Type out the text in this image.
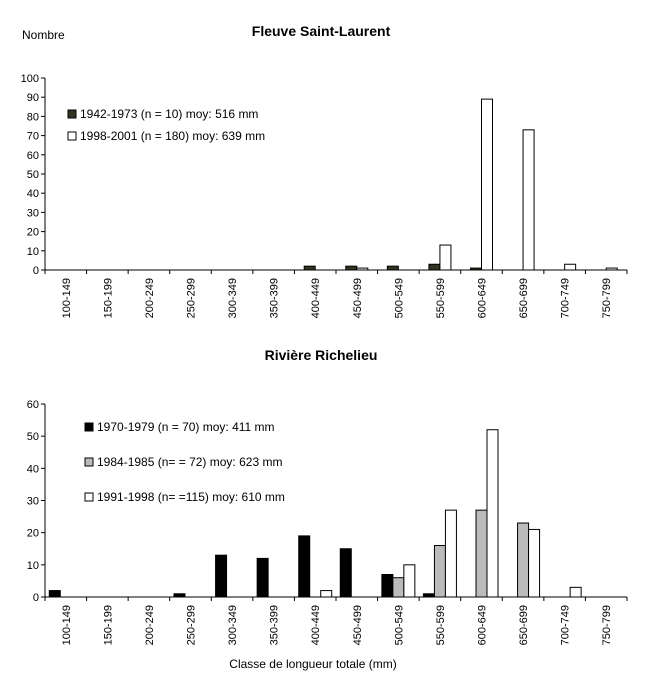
Nombre
Classe de longueur totale (mm)
Fleuve Saint-Laurent
0
10
20
30
40
50
60
70
80
90
100
100-149	150-199	200-249	250-299	300-349	350-399	400-449	450-499	500-549	550-599	600-649	650-699	700-749	750-799
1942-1973 (n = 10) moy: 516 mm
1998-2001 (n = 180) moy: 639 mm
Rivière Richelieu
0
10
20
30
40
50
60
100-149	150-199	200-249	250-299	300-349	350-399	400-449	450-499	500-549	550-599	600-649	650-699	700-749	750-799
1970-1979 (n = 70) moy: 411 mm
1984-1985 (n= = 72) moy: 623 mm
1991-1998 (n= =115) moy: 610 mm
